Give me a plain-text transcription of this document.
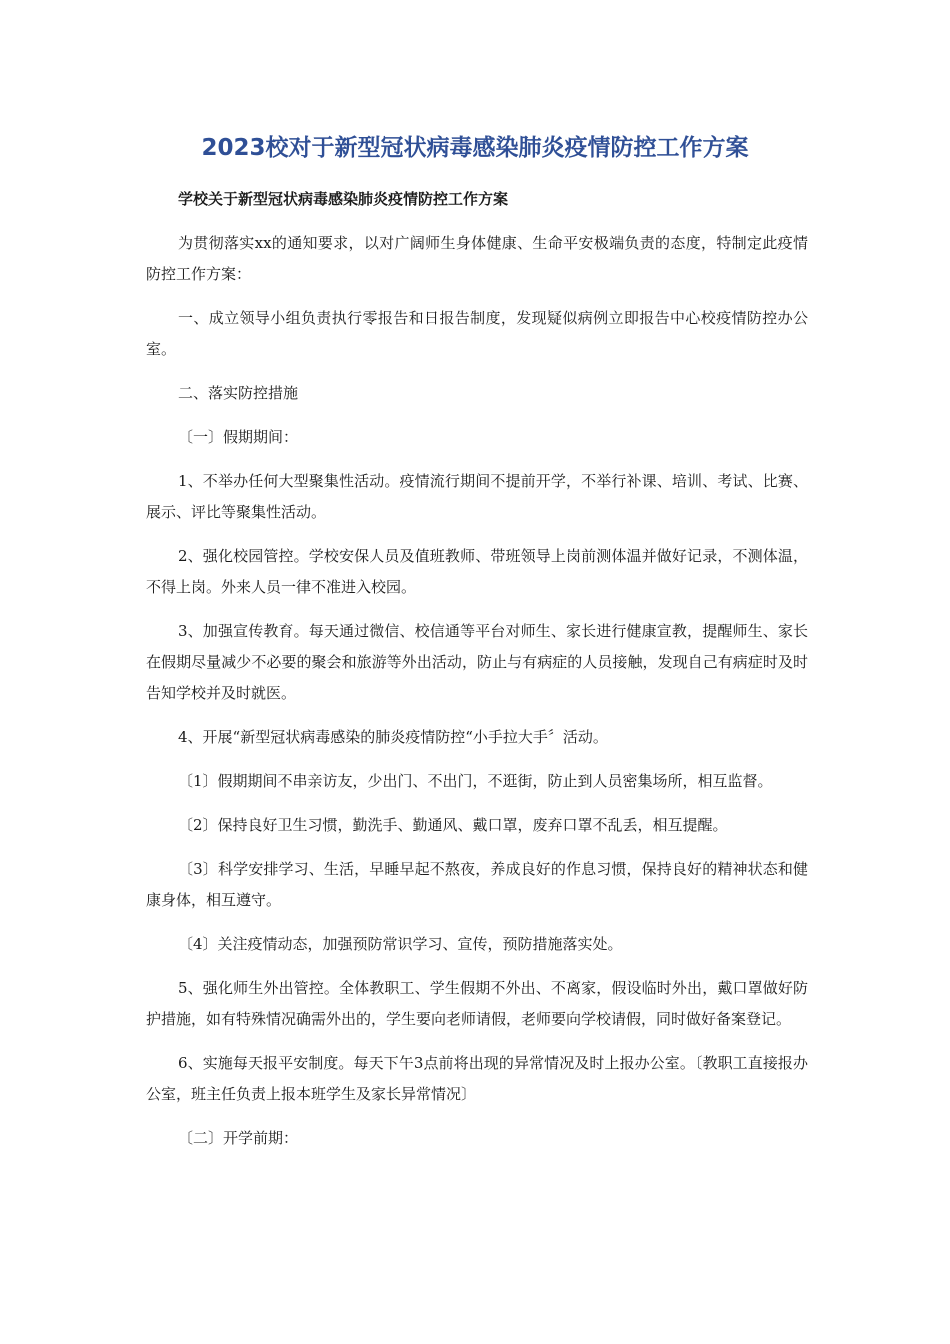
2023校对于新型冠状病毒感染肺炎疫情防控工作方案

学校关于新型冠状病毒感染肺炎疫情防控工作方案

为贯彻落实xx的通知要求，以对广阔师生身体健康、生命平安极端负责的态度，特制定此疫情防控工作方案：

一、成立领导小组负责执行零报告和日报告制度，发现疑似病例立即报告中心校疫情防控办公室。

二、落实防控措施

〔一〕假期期间：

1、不举办任何大型聚集性活动。疫情流行期间不提前开学，不举行补课、培训、考试、比赛、展示、评比等聚集性活动。

2、强化校园管控。学校安保人员及值班教师、带班领导上岗前测体温并做好记录，不测体温，不得上岗。外来人员一律不准进入校园。

3、加强宣传教育。每天通过微信、校信通等平台对师生、家长进行健康宣教，提醒师生、家长在假期尽量减少不必要的聚会和旅游等外出活动，防止与有病症的人员接触，发现自己有病症时及时告知学校并及时就医。

4、开展“新型冠状病毒感染的肺炎疫情防控“小手拉大手〞活动。

〔1〕假期期间不串亲访友，少出门、不出门，不逛街，防止到人员密集场所，相互监督。

〔2〕保持良好卫生习惯，勤洗手、勤通风、戴口罩，废弃口罩不乱丢，相互提醒。

〔3〕科学安排学习、生活，早睡早起不熬夜，养成良好的作息习惯，保持良好的精神状态和健康身体，相互遵守。

〔4〕关注疫情动态，加强预防常识学习、宣传，预防措施落实处。

5、强化师生外出管控。全体教职工、学生假期不外出、不离家，假设临时外出，戴口罩做好防护措施，如有特殊情况确需外出的，学生要向老师请假，老师要向学校请假，同时做好备案登记。

6、实施每天报平安制度。每天下午3点前将出现的异常情况及时上报办公室。〔教职工直接报办公室，班主任负责上报本班学生及家长异常情况〕

〔二〕开学前期：
